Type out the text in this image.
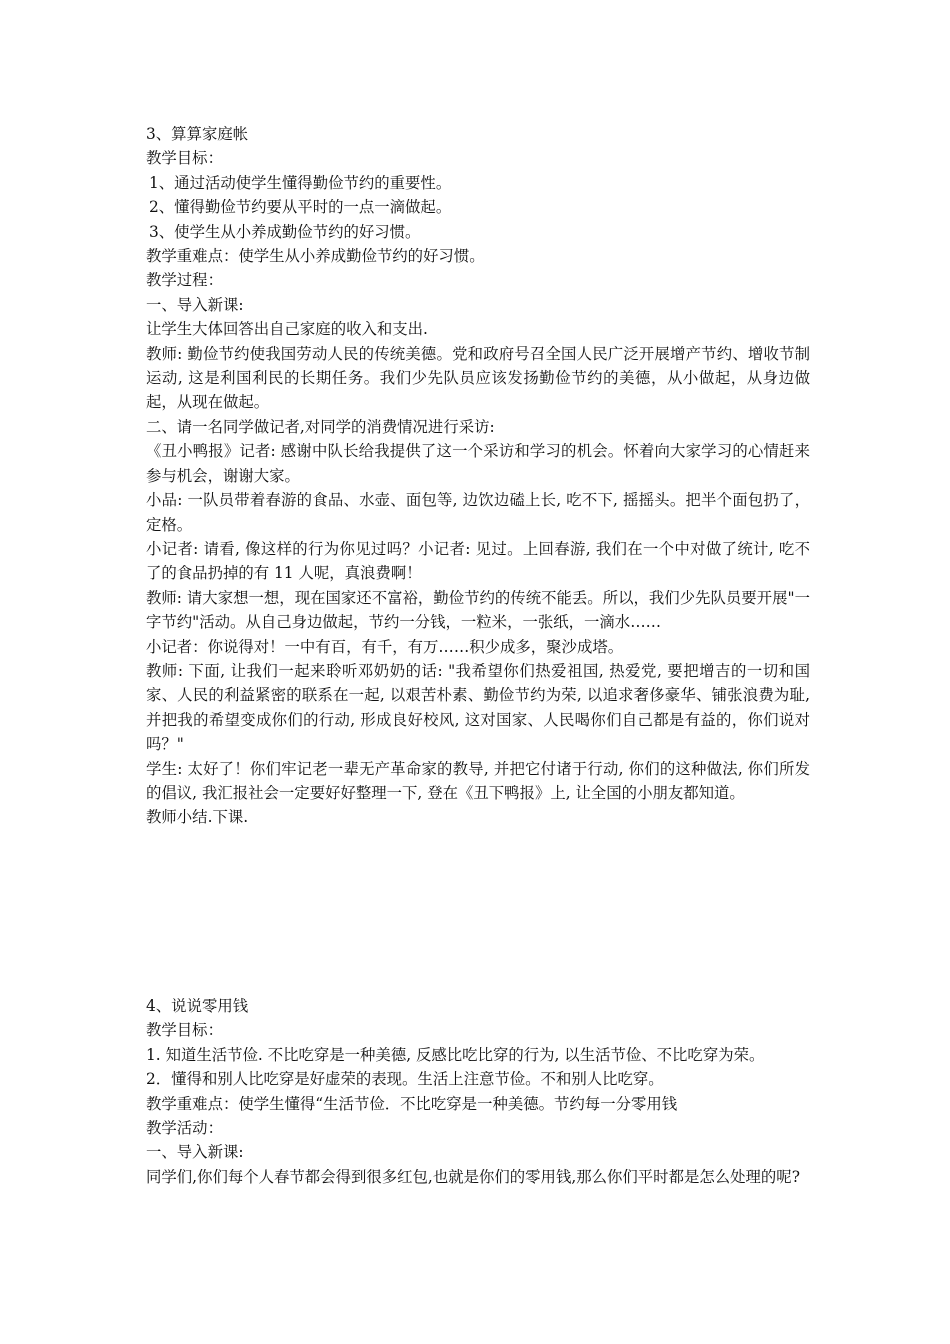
3、算算家庭帐

教学目标：

1、通过活动使学生懂得勤俭节约的重要性。

2、懂得勤俭节约要从平时的一点一滴做起。

3、使学生从小养成勤俭节约的好习惯。

教学重难点：使学生从小养成勤俭节约的好习惯。

教学过程：

一、导入新课:

让学生大体回答出自己家庭的收入和支出.

教师: 勤俭节约使我国劳动人民的传统美德。党和政府号召全国人民广泛开展增产节约、增收节制运动, 这是利国利民的长期任务。我们少先队员应该发扬勤俭节约的美德，从小做起，从身边做起，从现在做起。

二、请一名同学做记者,对同学的消费情况进行采访:

《丑小鸭报》记者: 感谢中队长给我提供了这一个采访和学习的机会。怀着向大家学习的心情赶来参与机会，谢谢大家。

小品: 一队员带着春游的食品、水壶、面包等, 边饮边磕上长, 吃不下, 摇摇头。把半个面包扔了，定格。

小记者: 请看, 像这样的行为你见过吗？小记者: 见过。上回春游, 我们在一个中对做了统计, 吃不了的食品扔掉的有 11 人呢，真浪费啊！

教师: 请大家想一想，现在国家还不富裕，勤俭节约的传统不能丢。所以，我们少先队员要开展"一字节约"活动。从自己身边做起，节约一分钱，一粒米，一张纸，一滴水……

小记者：你说得对！一中有百，有千，有万……积少成多，聚沙成塔。

教师: 下面, 让我们一起来聆听邓奶奶的话: "我希望你们热爱祖国, 热爱党, 要把增吉的一切和国家、人民的利益紧密的联系在一起, 以艰苦朴素、勤俭节约为荣, 以追求奢侈豪华、铺张浪费为耻, 并把我的希望变成你们的行动, 形成良好校风, 这对国家、人民喝你们自己都是有益的，你们说对吗？"

学生: 太好了！你们牢记老一辈无产革命家的教导, 并把它付诸于行动, 你们的这种做法, 你们所发的倡议, 我汇报社会一定要好好整理一下, 登在《丑下鸭报》上, 让全国的小朋友都知道。

教师小结.下课.

4、说说零用钱

教学目标：

1. 知道生活节俭. 不比吃穿是一种美德, 反感比吃比穿的行为, 以生活节俭、不比吃穿为荣。

2．懂得和别人比吃穿是好虚荣的表现。生活上注意节俭。不和别人比吃穿。

教学重难点：使学生懂得“生活节俭．不比吃穿是一种美德。节约每一分零用钱

教学活动：

一、导入新课:

同学们,你们每个人春节都会得到很多红包,也就是你们的零用钱,那么你们平时都是怎么处理的呢?
